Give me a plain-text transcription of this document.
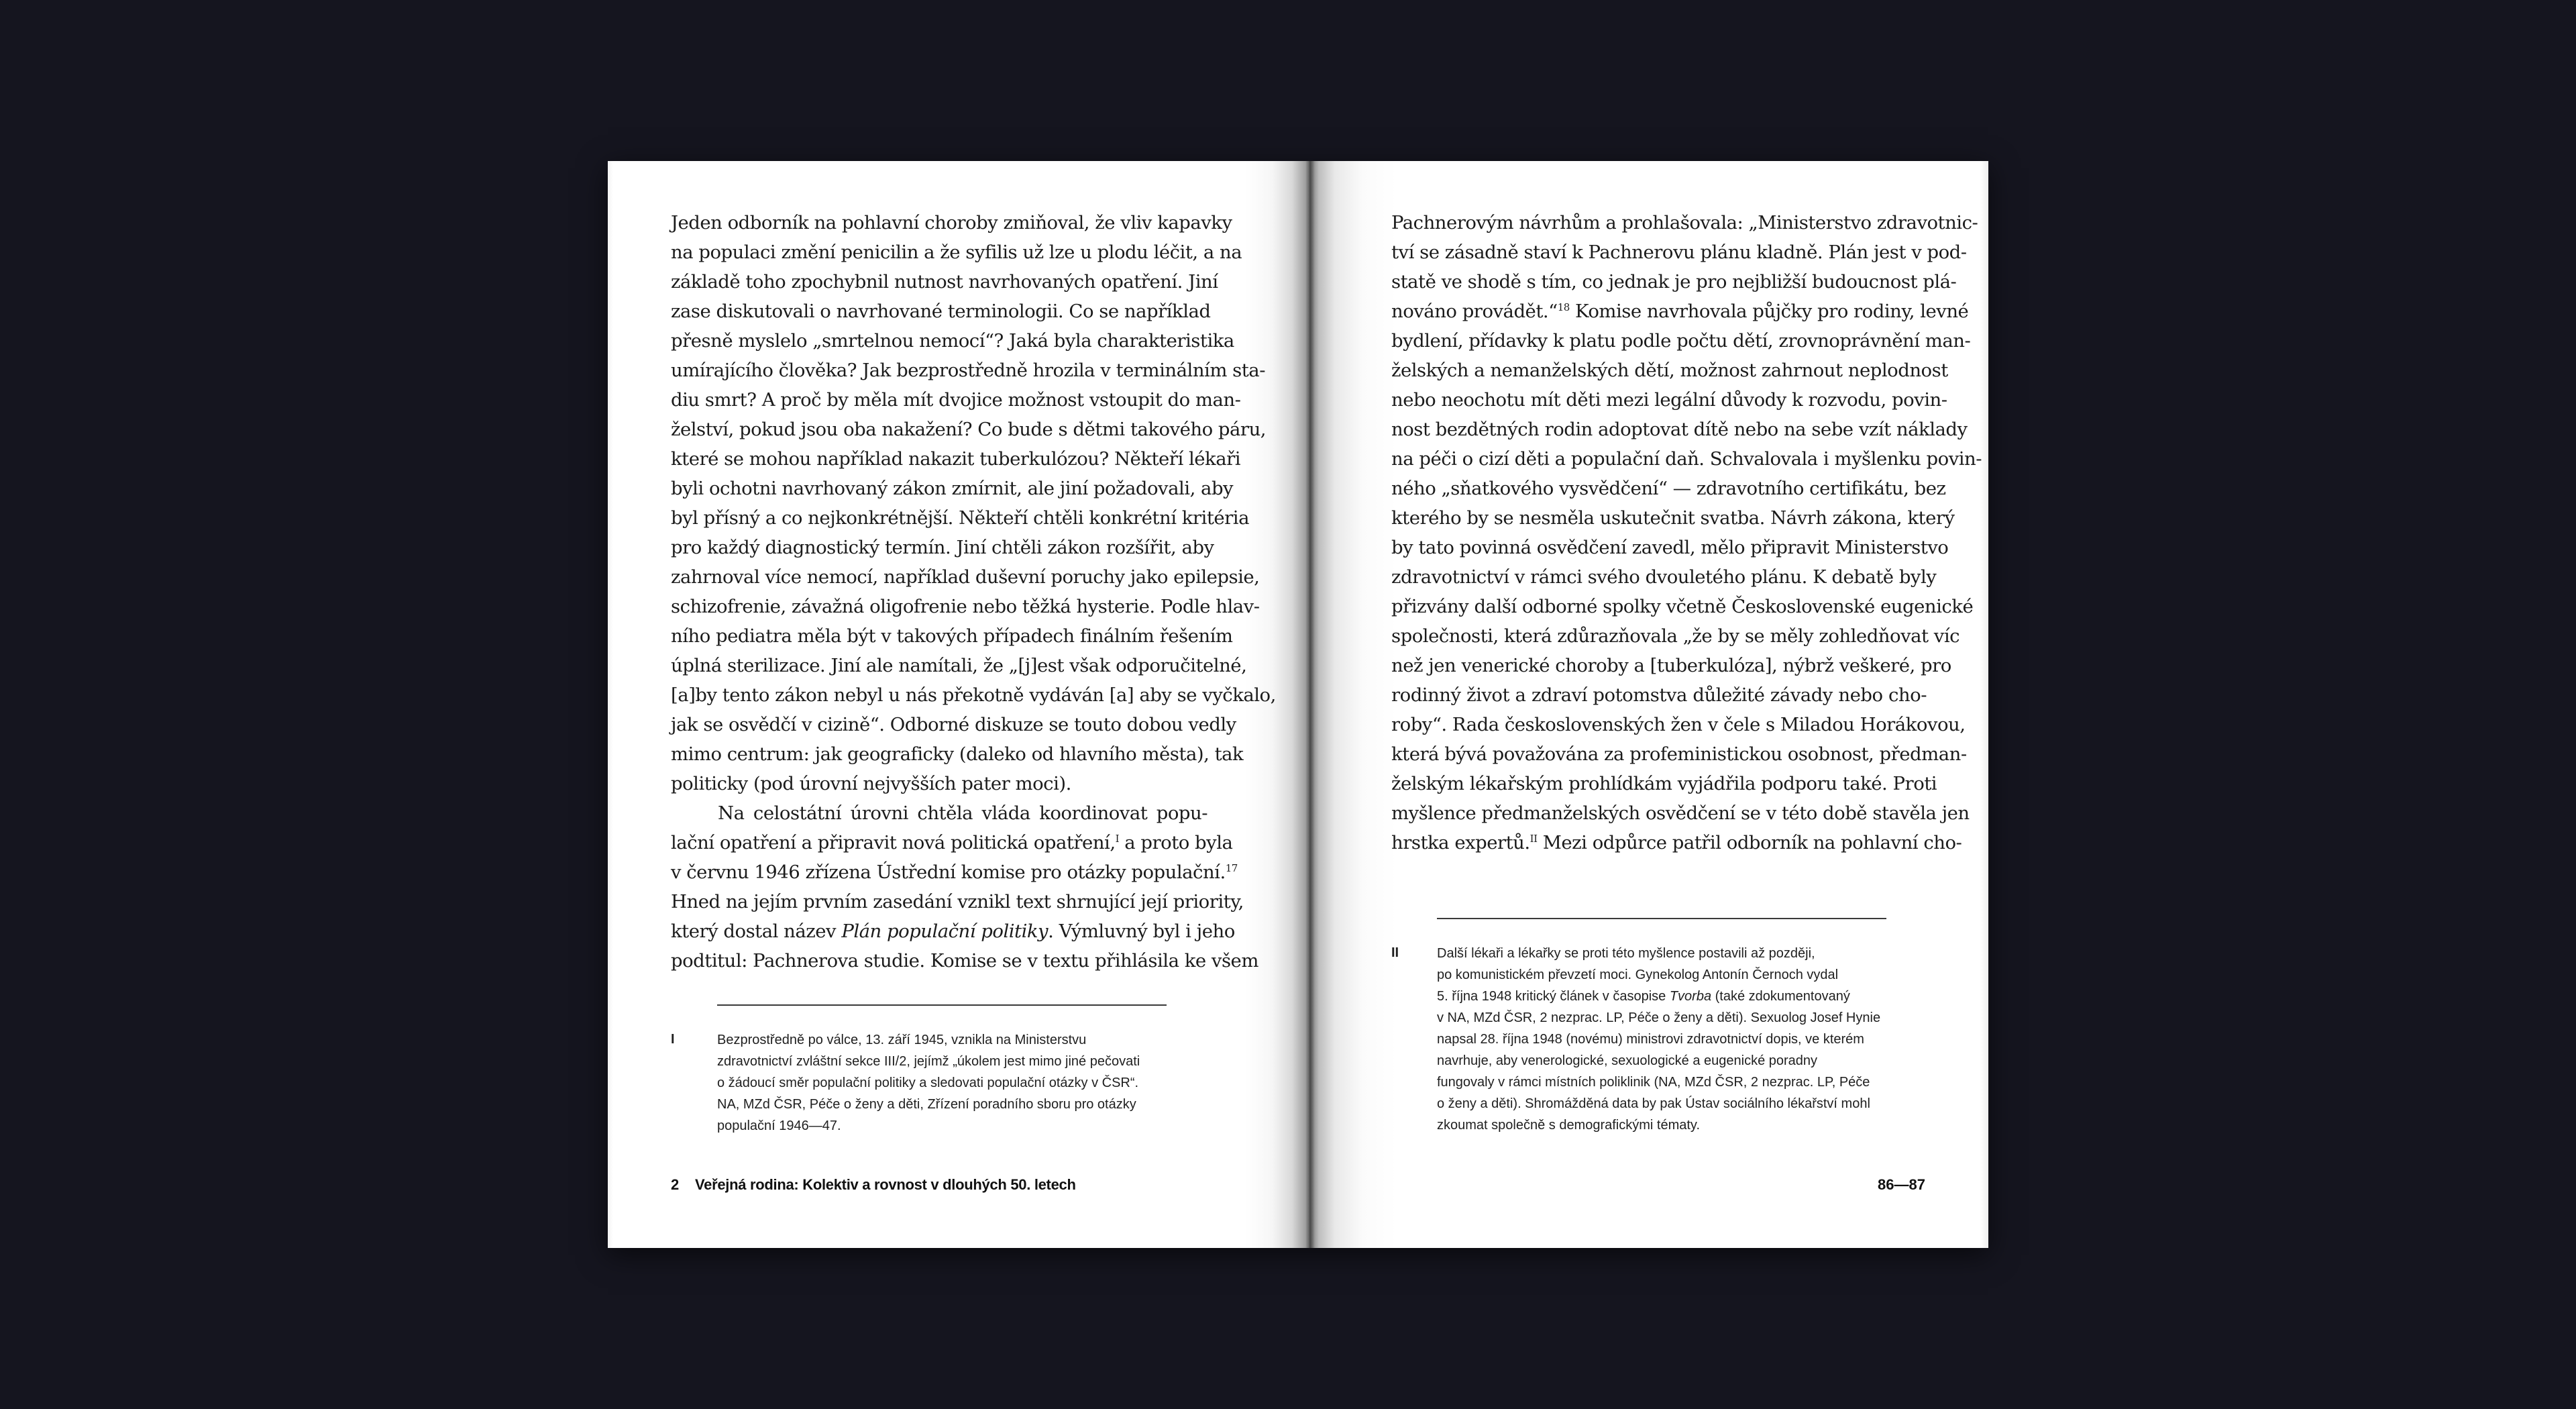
Jeden odborník na pohlavní choroby zmiňoval, že vliv kapavky
na populaci změní penicilin a že syfilis už lze u plodu léčit, a na
základě toho zpochybnil nutnost navrhovaných opatření. Jiní
zase diskutovali o navrhované terminologii. Co se například
přesně myslelo „smrtelnou nemocí“? Jaká byla charakteristika
umírajícího člověka? Jak bezprostředně hrozila v terminálním sta-
diu smrt? A proč by měla mít dvojice možnost vstoupit do man-
želství, pokud jsou oba nakažení? Co bude s dětmi takového páru,
které se mohou například nakazit tuberkulózou? Někteří lékaři
byli ochotni navrhovaný zákon zmírnit, ale jiní požadovali, aby
byl přísný a co nejkonkrétnější. Někteří chtěli konkrétní kritéria
pro každý diagnostický termín. Jiní chtěli zákon rozšířit, aby
zahrnoval více nemocí, například duševní poruchy jako epilepsie,
schizofrenie, závažná oligofrenie nebo těžká hysterie. Podle hlav-
ního pediatra měla být v takových případech finálním řešením
úplná sterilizace. Jiní ale namítali, že „[j]est však odporučitelné,
[a]by tento zákon nebyl u nás překotně vydáván [a] aby se vyčkalo,
jak se osvědčí v cizině“. Odborné diskuze se touto dobou vedly
mimo centrum: jak geograficky (daleko od hlavního města), tak
politicky (pod úrovní nejvyšších pater moci).
Na celostátní úrovni chtěla vláda koordinovat popu-
lační opatření a připravit nová politická opatření,$^I$ a proto byla
v červnu 1946 zřízena Ústřední komise pro otázky populační.$^{17}$
Hned na jejím prvním zasedání vznikl text shrnující její priority,
který dostal název Plán populační politiky. Výmluvný byl i jeho
podtitul: Pachnerova studie. Komise se v textu přihlásila ke všem
I	Bezprostředně po válce, 13. září 1945, vznikla na Ministerstvu
zdravotnictví zvláštní sekce III/2, jejímž „úkolem jest mimo jiné pečovati
o žádoucí směr populační politiky a sledovati populační otázky v ČSR“.
NA, MZd ČSR, Péče o ženy a děti, Zřízení poradního sboru pro otázky
populační 1946—47.
2 Veřejná rodina: Kolektiv a rovnost v dlouhých 50. letech
Pachnerovým návrhům a prohlašovala: „Ministerstvo zdravotnic-
tví se zásadně staví k Pachnerovu plánu kladně. Plán jest v pod-
statě ve shodě s tím, co jednak je pro nejbližší budoucnost plá-
nováno provádět.“$^{18}$ Komise navrhovala půjčky pro rodiny, levné
bydlení, přídavky k platu podle počtu dětí, zrovnoprávnění man-
želských a nemanželských dětí, možnost zahrnout neplodnost
nebo neochotu mít děti mezi legální důvody k rozvodu, povin-
nost bezdětných rodin adoptovat dítě nebo na sebe vzít náklady
na péči o cizí děti a populační daň. Schvalovala i myšlenku povin-
ného „sňatkového vysvědčení“ — zdravotního certifikátu, bez
kterého by se nesměla uskutečnit svatba. Návrh zákona, který
by tato povinná osvědčení zavedl, mělo připravit Ministerstvo
zdravotnictví v rámci svého dvouletého plánu. K debatě byly
přizvány další odborné spolky včetně Československé eugenické
společnosti, která zdůrazňovala „že by se měly zohledňovat víc
než jen venerické choroby a [tuberkulóza], nýbrž veškeré, pro
rodinný život a zdraví potomstva důležité závady nebo cho-
roby“. Rada československých žen v čele s Miladou Horákovou,
která bývá považována za profeministickou osobnost, předman-
želským lékařským prohlídkám vyjádřila podporu také. Proti
myšlence předmanželských osvědčení se v této době stavěla jen
hrstka expertů.$^{II}$ Mezi odpůrce patřil odborník na pohlavní cho-
II	Další lékaři a lékařky se proti této myšlence postavili až později,
po komunistickém převzetí moci. Gynekolog Antonín Černoch vydal
5. října 1948 kritický článek v časopise Tvorba (také zdokumentovaný
v NA, MZd ČSR, 2 nezprac. LP, Péče o ženy a děti). Sexuolog Josef Hynie
napsal 28. října 1948 (novému) ministrovi zdravotnictví dopis, ve kterém
navrhuje, aby venerologické, sexuologické a eugenické poradny
fungovaly v rámci místních poliklinik (NA, MZd ČSR, 2 nezprac. LP, Péče
o ženy a děti). Shromážděná data by pak Ústav sociálního lékařství mohl
zkoumat společně s demografickými tématy.
86—87
